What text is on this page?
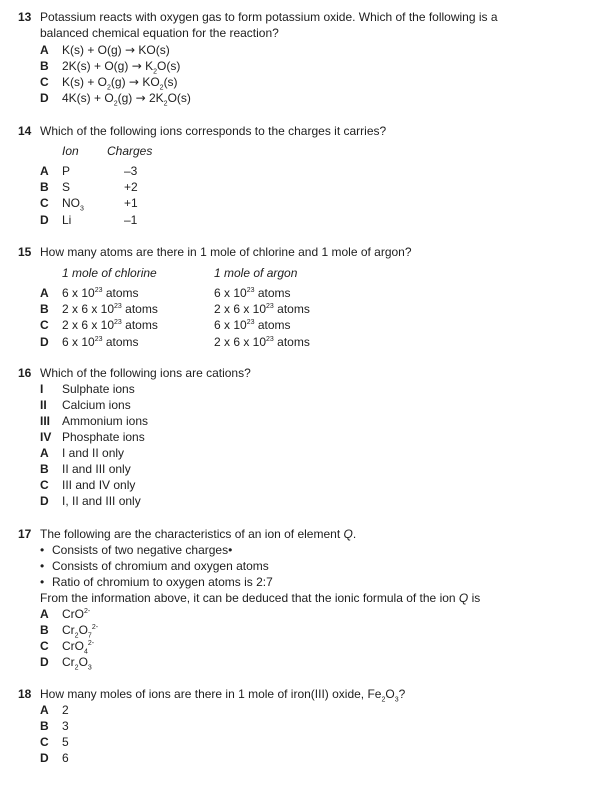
13 Potassium reacts with oxygen gas to form potassium oxide. Which of the following is a
balanced chemical equation for the reaction?
A	K(s) + O(g) → KO(s)
B	$2K(s) + O(g) \to K_2O(s)$
C	$K(s) + O_2(g) \to KO_2(s)$
D	$4K(s) + O_2(g) \to 2K_2O(s)$
14 Which of the following ions corresponds to the charges it carries?
Ion Charges
A	P	–3
B	S	+2
C	$NO_3$	+1
D	Li	–1
15 How many atoms are there in 1 mole of chlorine and 1 mole of argon?
1 mole of chlorine	1 mole of argon
A	6 x $10^{23}$ atoms	6 x $10^{23}$ atoms
B	2 x 6 x $10^{23}$ atoms	2 x 6 x $10^{23}$ atoms
C	2 x 6 x $10^{23}$ atoms	6 x $10^{23}$ atoms
D	6 x $10^{23}$ atoms	2 x 6 x $10^{23}$ atoms
16 Which of the following ions are cations?
I	Sulphate ions
II	Calcium ions
III Ammonium ions
IV Phosphate ions
A	I and II only
B	II and III only
C	III and IV only
D	I, II and III only
17 The following are the characteristics of an ion of element Q.
• Consists of two negative charges•
• Consists of chromium and oxygen atoms
• Ratio of chromium to oxygen atoms is 2:7
From the information above, it can be deduced that the ionic formula of the ion Q is
A	CrO$^{2-}$
B	$Cr_2O_7^{2-}$
C	CrO$_4^{2-}$
D	$Cr_2O_3$
18 How many moles of ions are there in 1 mole of iron(III) oxide, $Fe_2O_3$?
A	2
B	3
C	5
D	6
